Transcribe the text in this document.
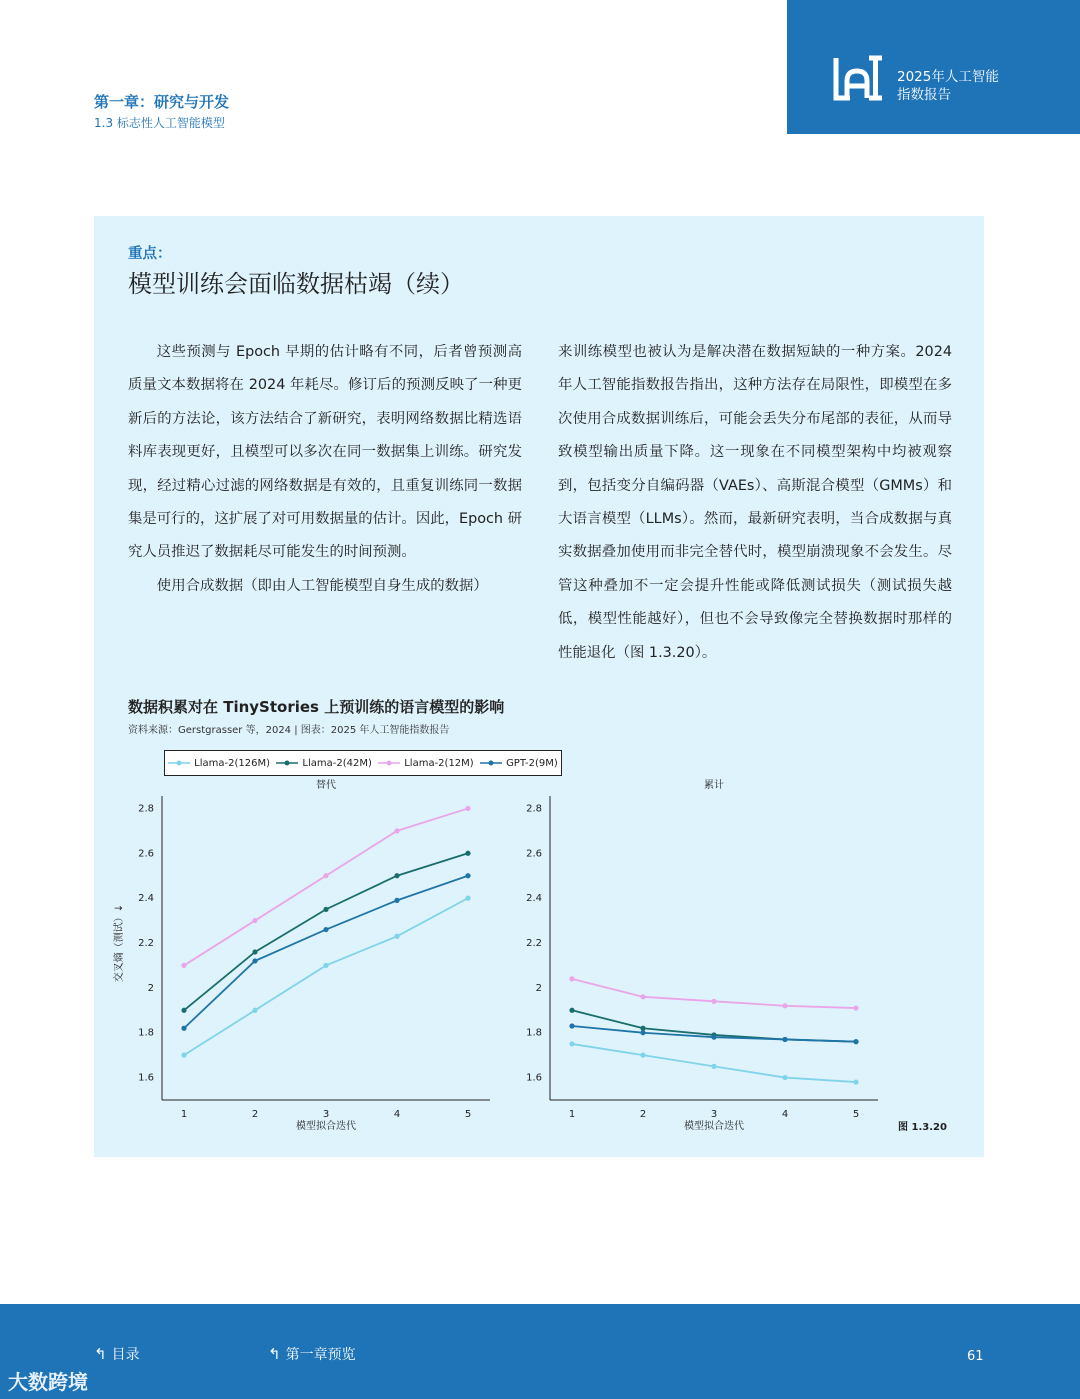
第一章：研究与开发
1.3 标志性人工智能模型
2025年人工智能
指数报告
重点：
模型训练会面临数据枯竭（续）

这些预测与 Epoch 早期的估计略有不同，后者曾预测高质量文本数据将在 2024 年耗尽。修订后的预测反映了一种更新后的方法论，该方法结合了新研究，表明网络数据比精选语料库表现更好，且模型可以多次在同一数据集上训练。研究发现，经过精心过滤的网络数据是有效的，且重复训练同一数据集是可行的，这扩展了对可用数据量的估计。因此，Epoch 研究人员推迟了数据耗尽可能发生的时间预测。

使用合成数据（即由人工智能模型自身生成的数据）

来训练模型也被认为是解决潜在数据短缺的一种方案。2024 年人工智能指数报告指出，这种方法存在局限性，即模型在多次使用合成数据训练后，可能会丢失分布尾部的表征，从而导致模型输出质量下降。这一现象在不同模型架构中均被观察到，包括变分自编码器（VAEs）、高斯混合模型（GMMs）和大语言模型（LLMs）。然而，最新研究表明，当合成数据与真实数据叠加使用而非完全替代时，模型崩溃现象不会发生。尽管这种叠加不一定会提升性能或降低测试损失（测试损失越低，模型性能越好），但也不会导致像完全替换数据时那样的性能退化（图 1.3.20）。

数据积累对在 TinyStories 上预训练的语言模型的影响
资料来源：Gerstgrasser 等，2024 | 图表：2025 年人工智能指数报告
Llama-2(126M)	Llama-2(42M)	Llama-2(12M)	GPT-2(9M)
替代
1.6
1.8
2
2.2
2.4
2.6
2.8
1	2	3	4	5
模型拟合迭代
交叉熵（测试）↓
累计
1.6
1.8
2
2.2
2.4
2.6
2.8
1	2	3	4	5
模型拟合迭代	图 1.3.20
↰ 目录	↰ 第一章预览	61
大数跨境
